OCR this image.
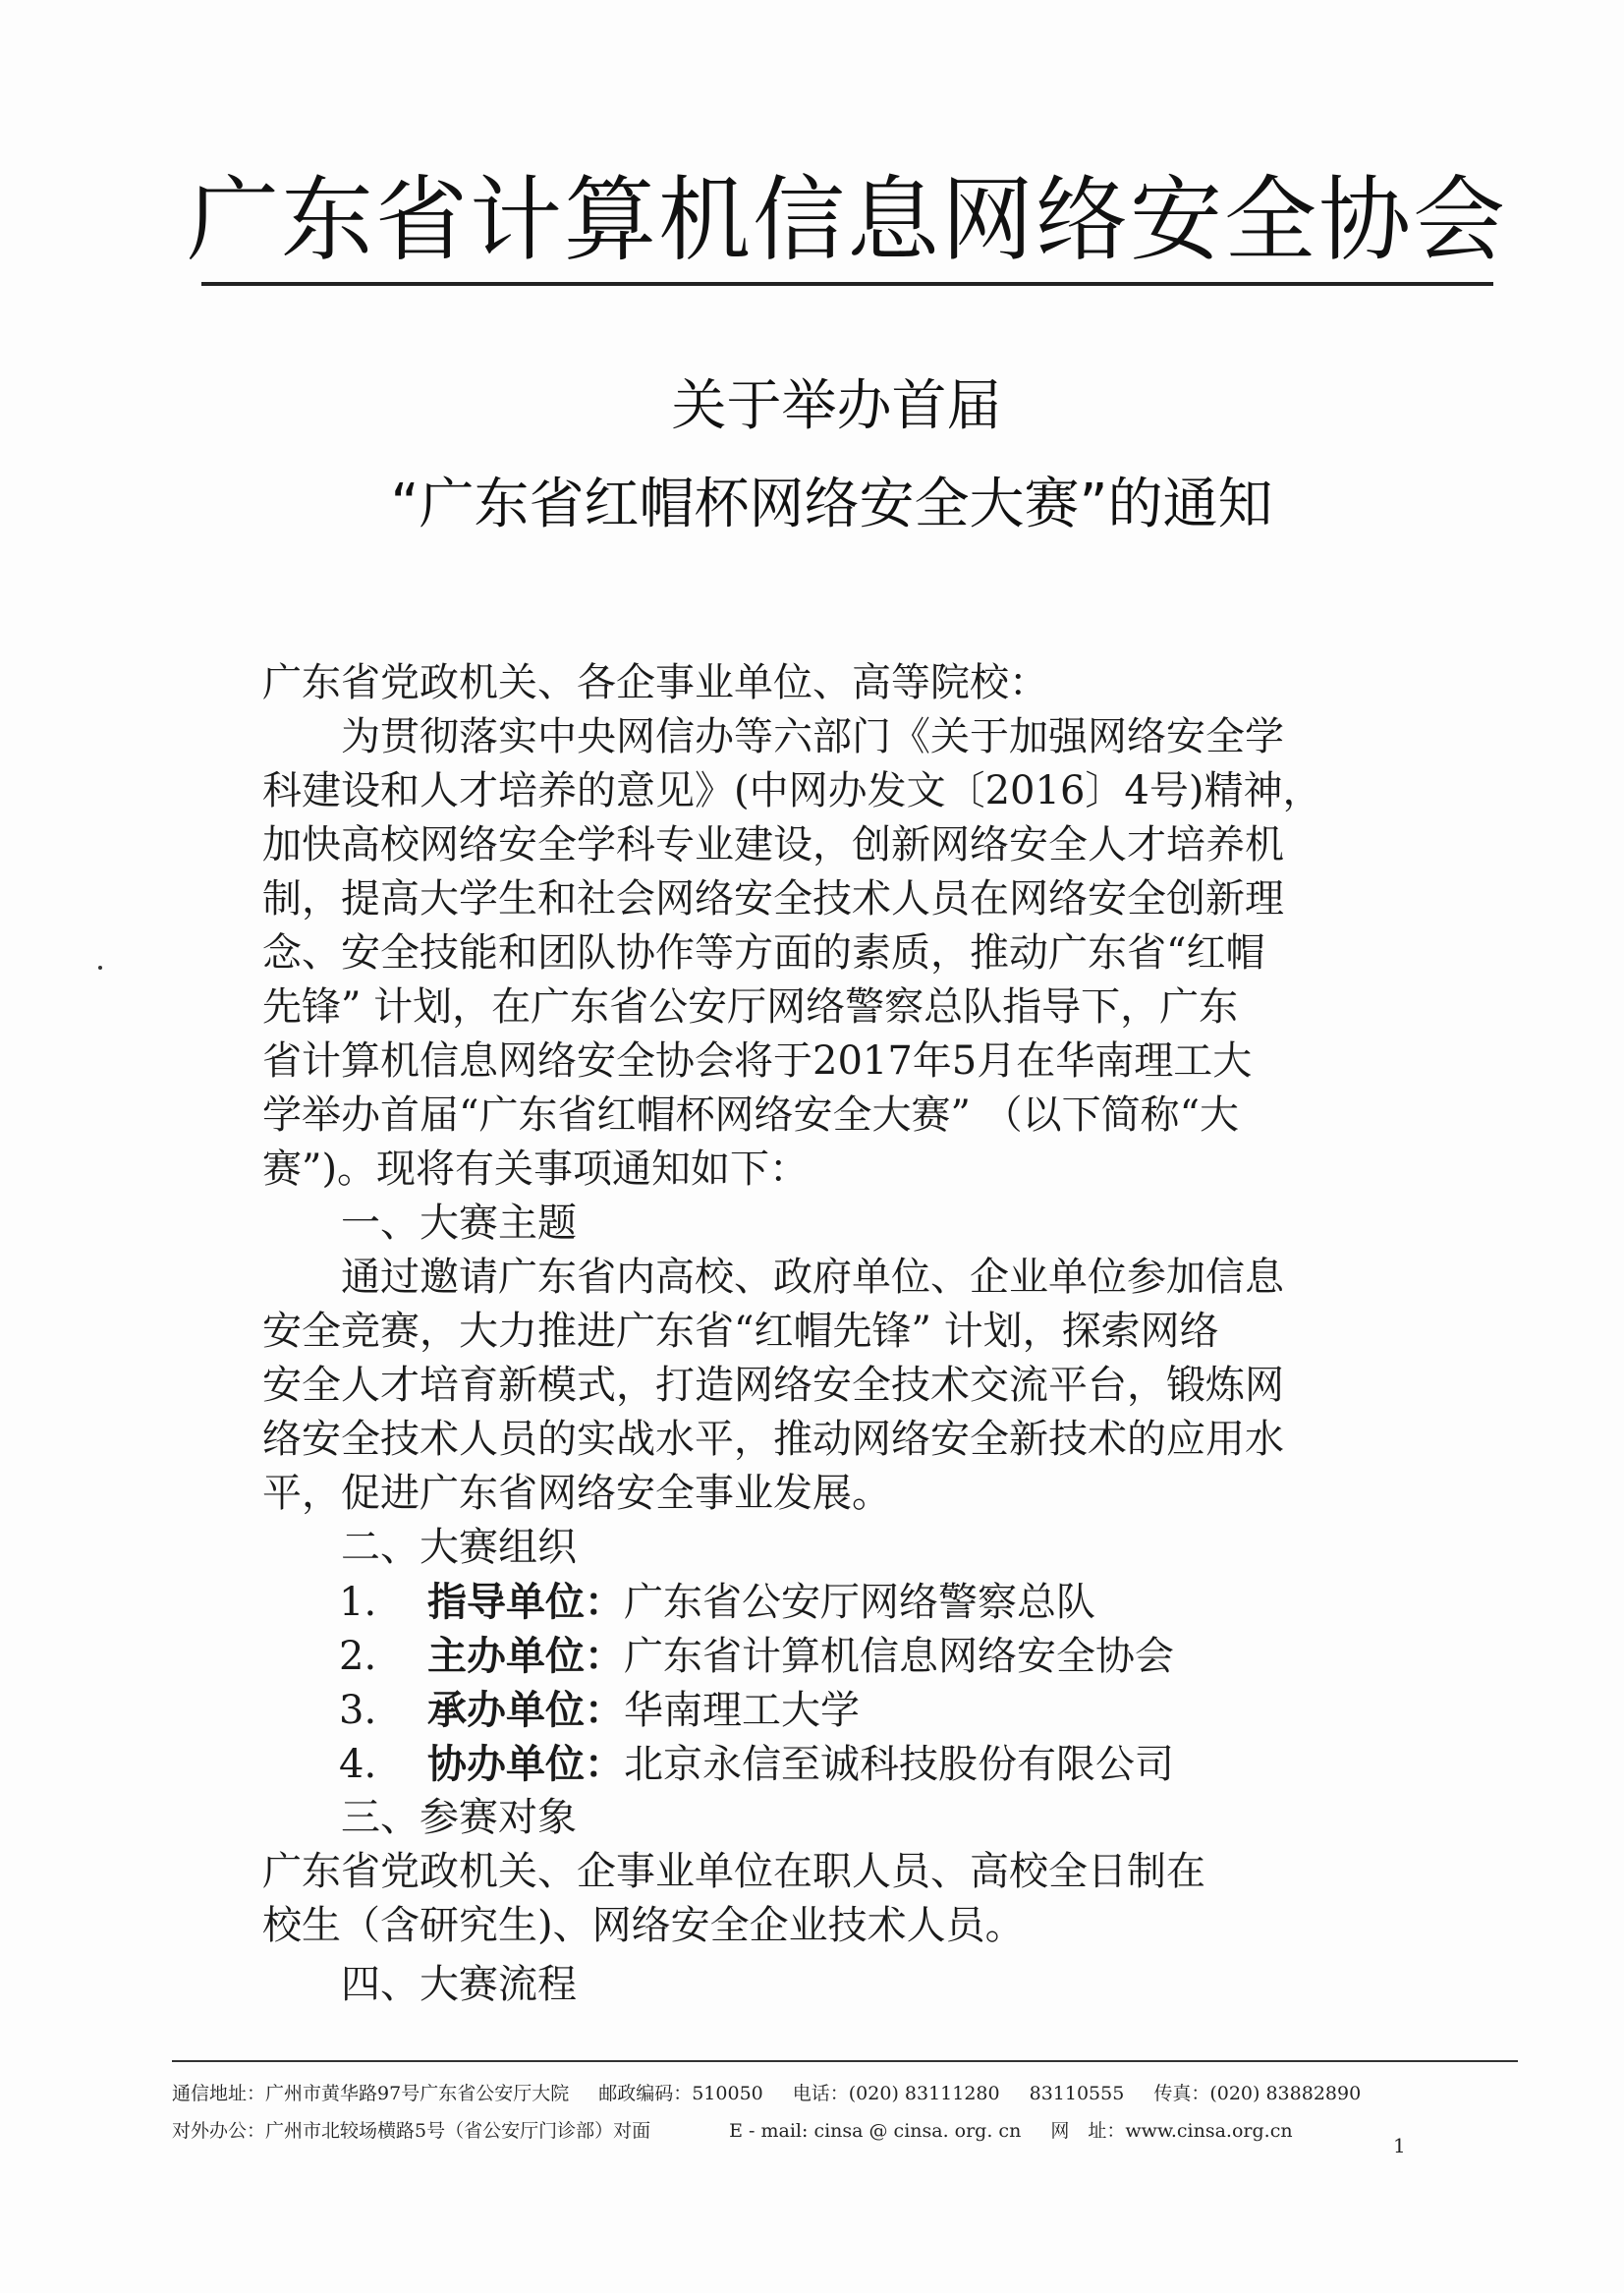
广东省计算机信息网络安全协会
关于举办首届
“广东省红帽杯网络安全大赛”的通知
广东省党政机关、各企事业单位、高等院校：
　　为贯彻落实中央网信办等六部门《关于加强网络安全学
科建设和人才培养的意见》(中网办发文〔2016〕4号)精神，
加快高校网络安全学科专业建设，创新网络安全人才培养机
制，提高大学生和社会网络安全技术人员在网络安全创新理
念、安全技能和团队协作等方面的素质，推动广东省“红帽
先锋” 计划，在广东省公安厅网络警察总队指导下，广东
省计算机信息网络安全协会将于2017年5月在华南理工大
学举办首届“广东省红帽杯网络安全大赛” （以下简称“大
赛”)。现将有关事项通知如下：
　　一、大赛主题
　　通过邀请广东省内高校、政府单位、企业单位参加信息
安全竞赛，大力推进广东省“红帽先锋” 计划，探索网络
安全人才培育新模式，打造网络安全技术交流平台，锻炼网
络安全技术人员的实战水平，推动网络安全新技术的应用水
平，促进广东省网络安全事业发展。
　　二、大赛组织
1. 指导单位：广东省公安厅网络警察总队
2. 主办单位：广东省计算机信息网络安全协会
3. 承办单位：华南理工大学
4. 协办单位：北京永信至诚科技股份有限公司
　　三、参赛对象
广东省党政机关、企事业单位在职人员、高校全日制在
校生（含研究生)、网络安全企业技术人员。
　　四、大赛流程
通信地址：广州市黄华路97号广东省公安厅大院 邮政编码：510050 电话：(020) 83111280 83110555 传真：(020) 83882890
对外办公：广州市北较场横路5号（省公安厅门诊部）对面	E - mail: cinsa @ cinsa. org. cn 网　址：www.cinsa.org.cn
1
